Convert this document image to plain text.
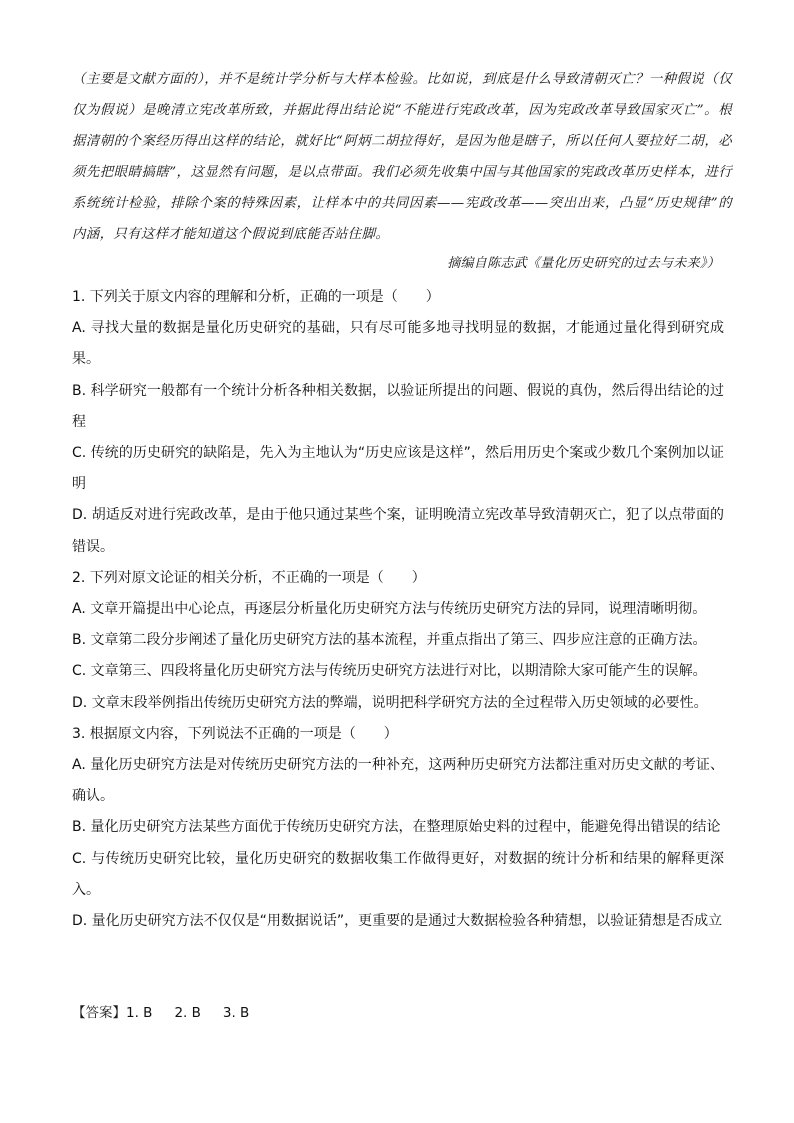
（主要是文献方面的），并不是统计学分析与大样本检验。比如说，到底是什么导致清朝灭亡？一种假说（仅仅为假说）是晚清立宪改革所致，并据此得出结论说“不能进行宪政改革，因为宪政改革导致国家灭亡”。根据清朝的个案经历得出这样的结论，就好比“阿炳二胡拉得好，是因为他是瞎子，所以任何人要拉好二胡，必须先把眼睛搞瞎”，这显然有问题，是以点带面。我们必须先收集中国与其他国家的宪政改革历史样本，进行系统统计检验，排除个案的特殊因素，让样本中的共同因素——宪政改革——突出出来，凸显“历史规律”的内涵，只有这样才能知道这个假说到底能否站住脚。

摘编自陈志武《量化历史研究的过去与未来》）

1. 下列关于原文内容的理解和分析，正确的一项是（　　）

A. 寻找大量的数据是量化历史研究的基础，只有尽可能多地寻找明显的数据，才能通过量化得到研究成果。

B. 科学研究一般都有一个统计分析各种相关数据，以验证所提出的问题、假说的真伪，然后得出结论的过程

C. 传统的历史研究的缺陷是，先入为主地认为“历史应该是这样”，然后用历史个案或少数几个案例加以证明

D. 胡适反对进行宪政改革，是由于他只通过某些个案，证明晚清立宪改革导致清朝灭亡，犯了以点带面的错误。

2. 下列对原文论证的相关分析，不正确的一项是（　　）

A. 文章开篇提出中心论点，再逐层分析量化历史研究方法与传统历史研究方法的异同，说理清晰明彻。

B. 文章第二段分步阐述了量化历史研究方法的基本流程，并重点指出了第三、四步应注意的正确方法。

C. 文章第三、四段将量化历史研究方法与传统历史研究方法进行对比，以期清除大家可能产生的误解。

D. 文章末段举例指出传统历史研究方法的弊端，说明把科学研究方法的全过程带入历史领域的必要性。

3. 根据原文内容，下列说法不正确的一项是（　　）

A. 量化历史研究方法是对传统历史研究方法的一种补充，这两种历史研究方法都注重对历史文献的考证、确认。

B. 量化历史研究方法某些方面优于传统历史研究方法，在整理原始史料的过程中，能避免得出错误的结论

C. 与传统历史研究比较，量化历史研究的数据收集工作做得更好，对数据的统计分析和结果的解释更深入。

D. 量化历史研究方法不仅仅是“用数据说话”，更重要的是通过大数据检验各种猜想，以验证猜想是否成立

【答案】1. B 2. B 3. B
